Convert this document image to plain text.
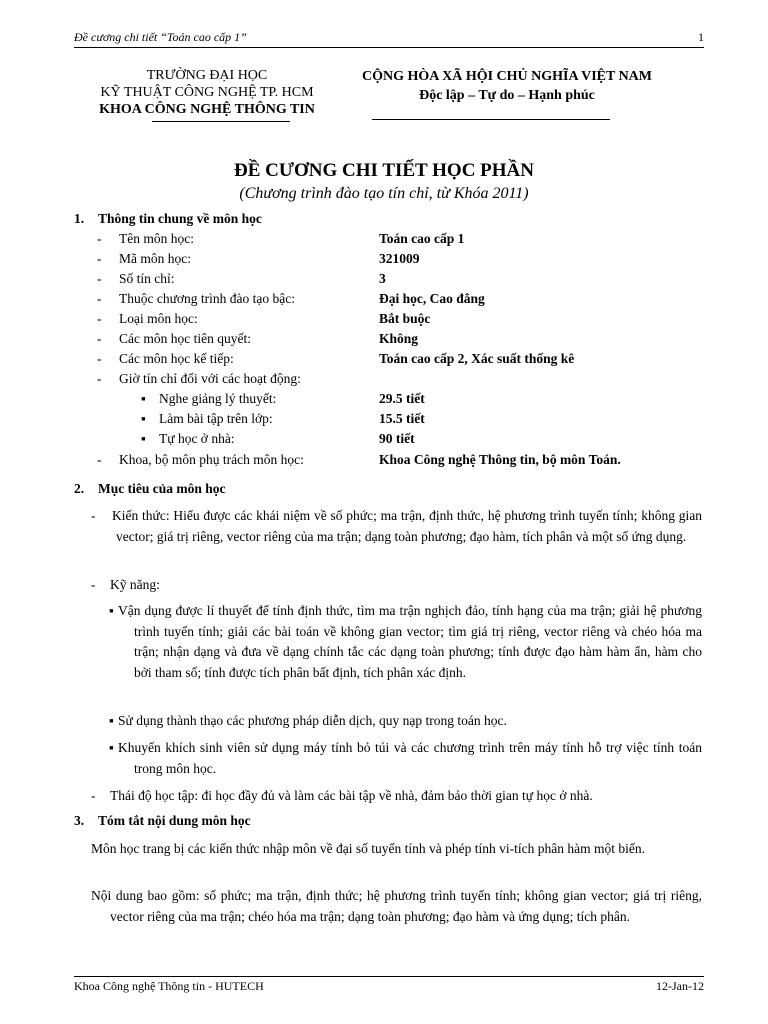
Đề cương chi tiết “Toán cao cấp 1”	1
TRƯỜNG ĐẠI HỌC
KỸ THUẬT CÔNG NGHỆ TP. HCM
KHOA CÔNG NGHỆ THÔNG TIN
CỘNG HÒA XÃ HỘI CHỦ NGHĨA VIỆT NAM
Độc lập – Tự do – Hạnh phúc
ĐỀ CƯƠNG CHI TIẾT HỌC PHẦN
(Chương trình đào tạo tín chỉ, từ Khóa 2011)
1. Thông tin chung về môn học
- Tên môn học:	Toán cao cấp 1
- Mã môn học:	321009
- Số tín chỉ:	3
- Thuộc chương trình đào tạo bậc:	Đại học, Cao đẳng
- Loại môn học:	Bắt buộc
- Các môn học tiên quyết:	Không
- Các môn học kế tiếp:	Toán cao cấp 2, Xác suất thống kê
- Giờ tín chỉ đối với các hoạt động:
▪ Nghe giảng lý thuyết:	29.5 tiết
▪ Làm bài tập trên lớp:	15.5 tiết
▪ Tự học ở nhà:	90 tiết
- Khoa, bộ môn phụ trách môn học:	Khoa Công nghệ Thông tin, bộ môn Toán.
2. Mục tiêu của môn học
-	Kiến thức: Hiểu được các khái niệm về số phức; ma trận, định thức, hệ phương trình tuyến tính; không gian vector; giá trị riêng, vector riêng của ma trận; dạng toàn phương; đạo hàm, tích phân và một số ứng dụng.
-	Kỹ năng:
▪ Vận dụng được lí thuyết để tính định thức, tìm ma trận nghịch đảo, tính hạng của ma trận; giải hệ phương trình tuyến tính; giải các bài toán về không gian vector; tìm giá trị riêng, vector riêng và chéo hóa ma trận; nhận dạng và đưa về dạng chính tắc các dạng toàn phương; tính được đạo hàm hàm ẩn, hàm cho bởi tham số; tính được tích phân bất định, tích phân xác định.
▪ Sử dụng thành thạo các phương pháp diễn dịch, quy nạp trong toán học.
▪ Khuyến khích sinh viên sử dụng máy tính bỏ túi và các chương trình trên máy tính hỗ trợ việc tính toán trong môn học.
-	Thái độ học tập: đi học đầy đủ và làm các bài tập về nhà, đảm bảo thời gian tự học ở nhà.
3. Tóm tắt nội dung môn học
Môn học trang bị các kiến thức nhập môn về đại số tuyến tính và phép tính vi-tích phân hàm một biến.
Nội dung bao gồm: số phức; ma trận, định thức; hệ phương trình tuyến tính; không gian vector; giá trị riêng, vector riêng của ma trận; chéo hóa ma trận; dạng toàn phương; đạo hàm và ứng dụng; tích phân.
Khoa Công nghệ Thông tin - HUTECH	12-Jan-12
